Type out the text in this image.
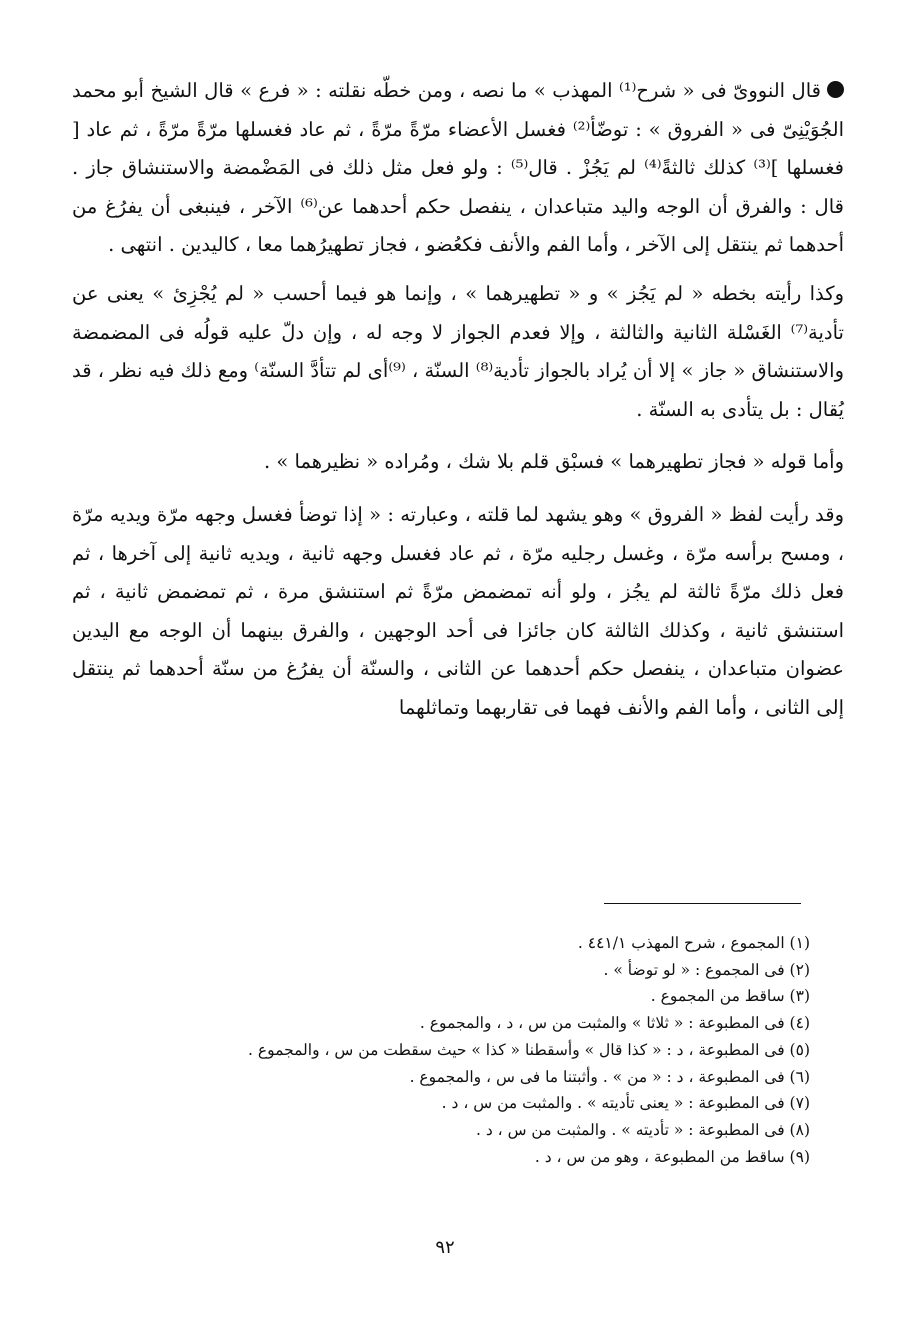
قال النووىّ فى « شرح⁽¹⁾ المهذب » ما نصه ، ومن خطّه نقلته : « فرع » قال الشيخ أبو محمد الجُوَيْنِىّ فى « الفروق » : توضّأ⁽²⁾ فغسل الأعضاء مرّةً مرّةً ، ثم عاد فغسلها مرّةً مرّةً ، ثم عاد [ فغسلها ]⁽³⁾ كذلك ثالثةً⁽⁴⁾ لم يَجُزْ . قال⁽⁵⁾ : ولو فعل مثل ذلك فى المَضْمضة والاستنشاق جاز . قال : والفرق أن الوجه واليد متباعدان ، ينفصل حكم أحدهما عن⁽⁶⁾ الآخر ، فينبغى أن يفرُغ من أحدهما ثم ينتقل إلى الآخر ، وأما الفم والأنف فكعُضو ، فجاز تطهيرُهما معا ، كاليدين . انتهى .

وكذا رأيته بخطه « لم يَجُز » و « تطهيرهما » ، وإنما هو فيما أحسب « لم يُجْزِئ » يعنى عن تأدية⁽⁷⁾ الغَسْلة الثانية والثالثة ، وإلا فعدم الجواز لا وجه له ، وإن دلّ عليه قولُه فى المضمضة والاستنشاق « جاز » إلا أن يُراد بالجواز تأدية⁽⁸⁾ السنّة ، ⁽⁹⁾أى لم تتأدَّ السنّة⁾ ومع ذلك فيه نظر ، قد يُقال : بل يتأدى به السنّة .

وأما قوله « فجاز تطهيرهما » فسبْق قلم بلا شك ، ومُراده « نظيرهما » .

وقد رأيت لفظ « الفروق » وهو يشهد لما قلته ، وعبارته : « إذا توضأ فغسل وجهه مرّة ويديه مرّة ، ومسح برأسه مرّة ، وغسل رجليه مرّة ، ثم عاد فغسل وجهه ثانية ، ويديه ثانية إلى آخرها ، ثم فعل ذلك مرّةً ثالثة لم يجُز ، ولو أنه تمضمض مرّةً ثم استنشق مرة ، ثم تمضمض ثانية ، ثم استنشق ثانية ، وكذلك الثالثة كان جائزا فى أحد الوجهين ، والفرق بينهما أن الوجه مع اليدين عضوان متباعدان ، ينفصل حكم أحدهما عن الثانى ، والسنّة أن يفرُغ من سنّة أحدهما ثم ينتقل إلى الثانى ، وأما الفم والأنف فهما فى تقاربهما وتماثلهما

(١) المجموع ، شرح المهذب ٤٤١/١ .

(٢) فى المجموع : « لو توضأ » .

(٣) ساقط من المجموع .

(٤) فى المطبوعة : « ثلاثا » والمثبت من س ، د ، والمجموع .

(٥) فى المطبوعة ، د : « كذا قال » وأسقطنا « كذا » حيث سقطت من س ، والمجموع .

(٦) فى المطبوعة ، د : « من » . وأثبتنا ما فى س ، والمجموع .

(٧) فى المطبوعة : « يعنى تأديته » . والمثبت من س ، د .

(٨) فى المطبوعة : « تأديته » . والمثبت من س ، د .

(٩) ساقط من المطبوعة ، وهو من س ، د .

٩٢
